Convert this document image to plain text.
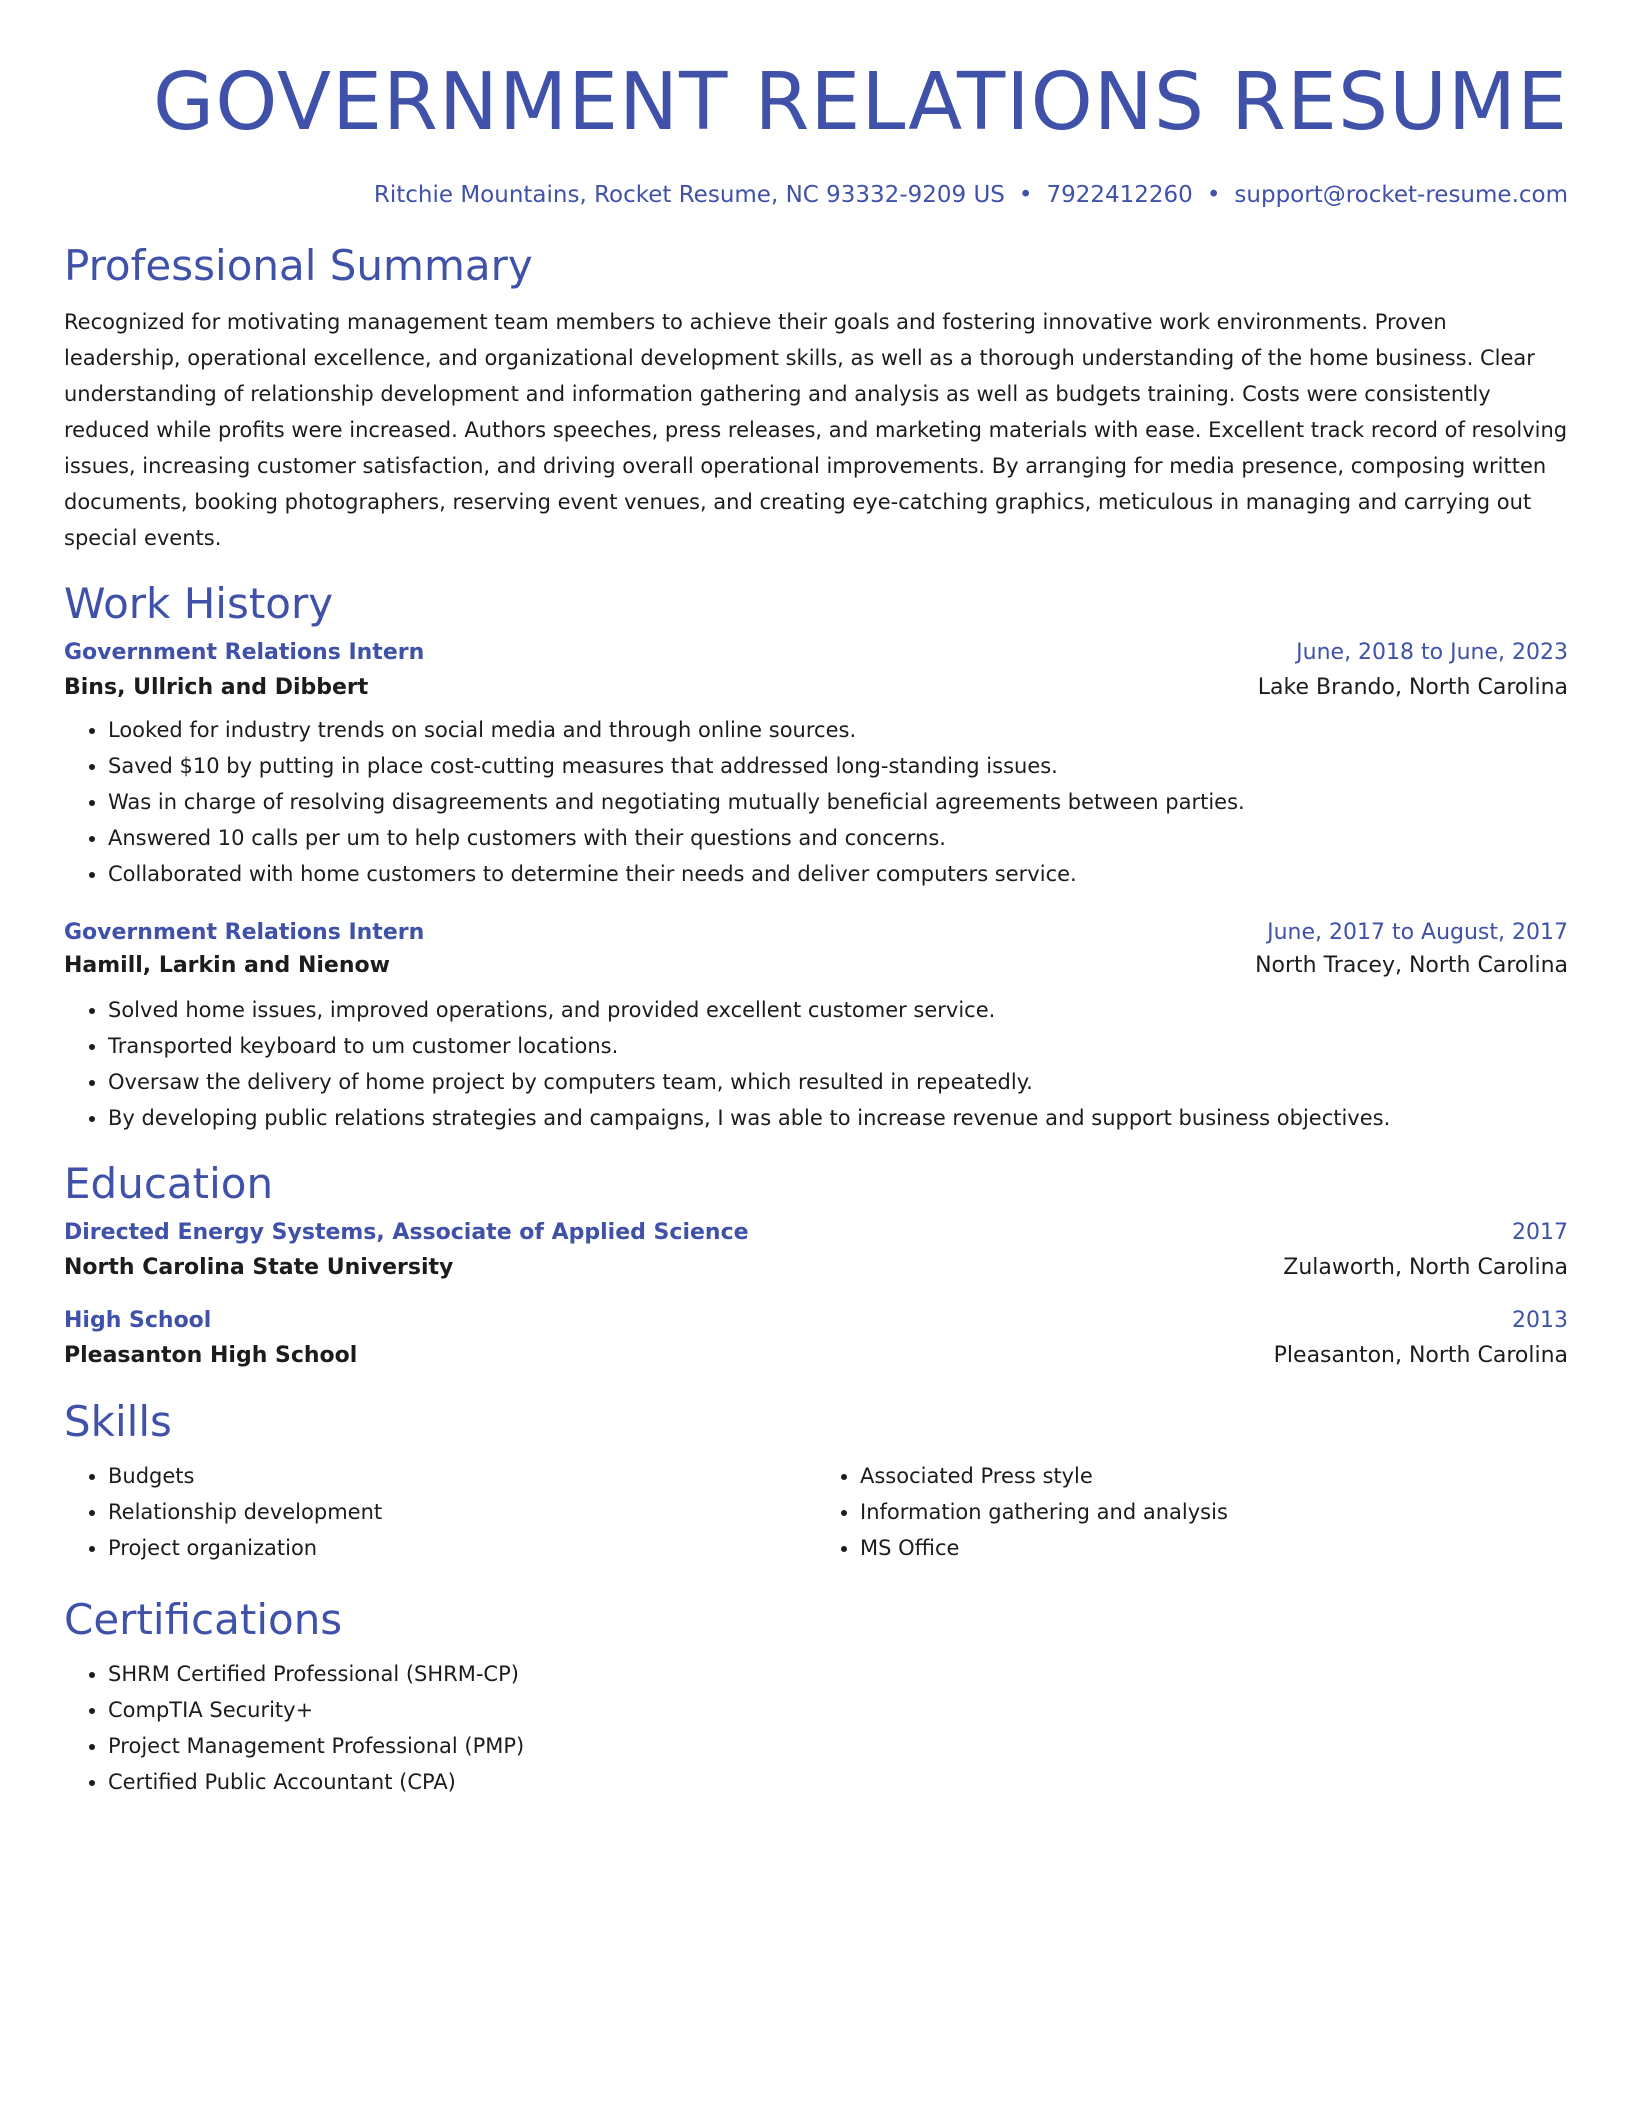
GOVERNMENT RELATIONS RESUME
Ritchie Mountains, Rocket Resume, NC 93332-9209 US • 7922412260 • support@rocket-resume.com
Professional Summary
Recognized for motivating management team members to achieve their goals and fostering innovative work environments. Proven leadership, operational excellence, and organizational development skills, as well as a thorough understanding of the home business. Clear understanding of relationship development and information gathering and analysis as well as budgets training. Costs were consistently reduced while profits were increased. Authors speeches, press releases, and marketing materials with ease. Excellent track record of resolving issues, increasing customer satisfaction, and driving overall operational improvements. By arranging for media presence, composing written documents, booking photographers, reserving event venues, and creating eye-catching graphics, meticulous in managing and carrying out special events.
Work History
Government Relations Intern	June, 2018 to June, 2023
Bins, Ullrich and Dibbert	Lake Brando, North Carolina
• Looked for industry trends on social media and through online sources.
• Saved $10 by putting in place cost-cutting measures that addressed long-standing issues.
• Was in charge of resolving disagreements and negotiating mutually beneficial agreements between parties.
• Answered 10 calls per um to help customers with their questions and concerns.
• Collaborated with home customers to determine their needs and deliver computers service.
Government Relations Intern	June, 2017 to August, 2017
Hamill, Larkin and Nienow	North Tracey, North Carolina
• Solved home issues, improved operations, and provided excellent customer service.
• Transported keyboard to um customer locations.
• Oversaw the delivery of home project by computers team, which resulted in repeatedly.
• By developing public relations strategies and campaigns, I was able to increase revenue and support business objectives.
Education
Directed Energy Systems, Associate of Applied Science	2017
North Carolina State University	Zulaworth, North Carolina
High School	2013
Pleasanton High School	Pleasanton, North Carolina
Skills
• Budgets
• Relationship development
• Project organization
• Associated Press style
• Information gathering and analysis
• MS Office
Certifications
• SHRM Certified Professional (SHRM-CP)
• CompTIA Security+
• Project Management Professional (PMP)
• Certified Public Accountant (CPA)
